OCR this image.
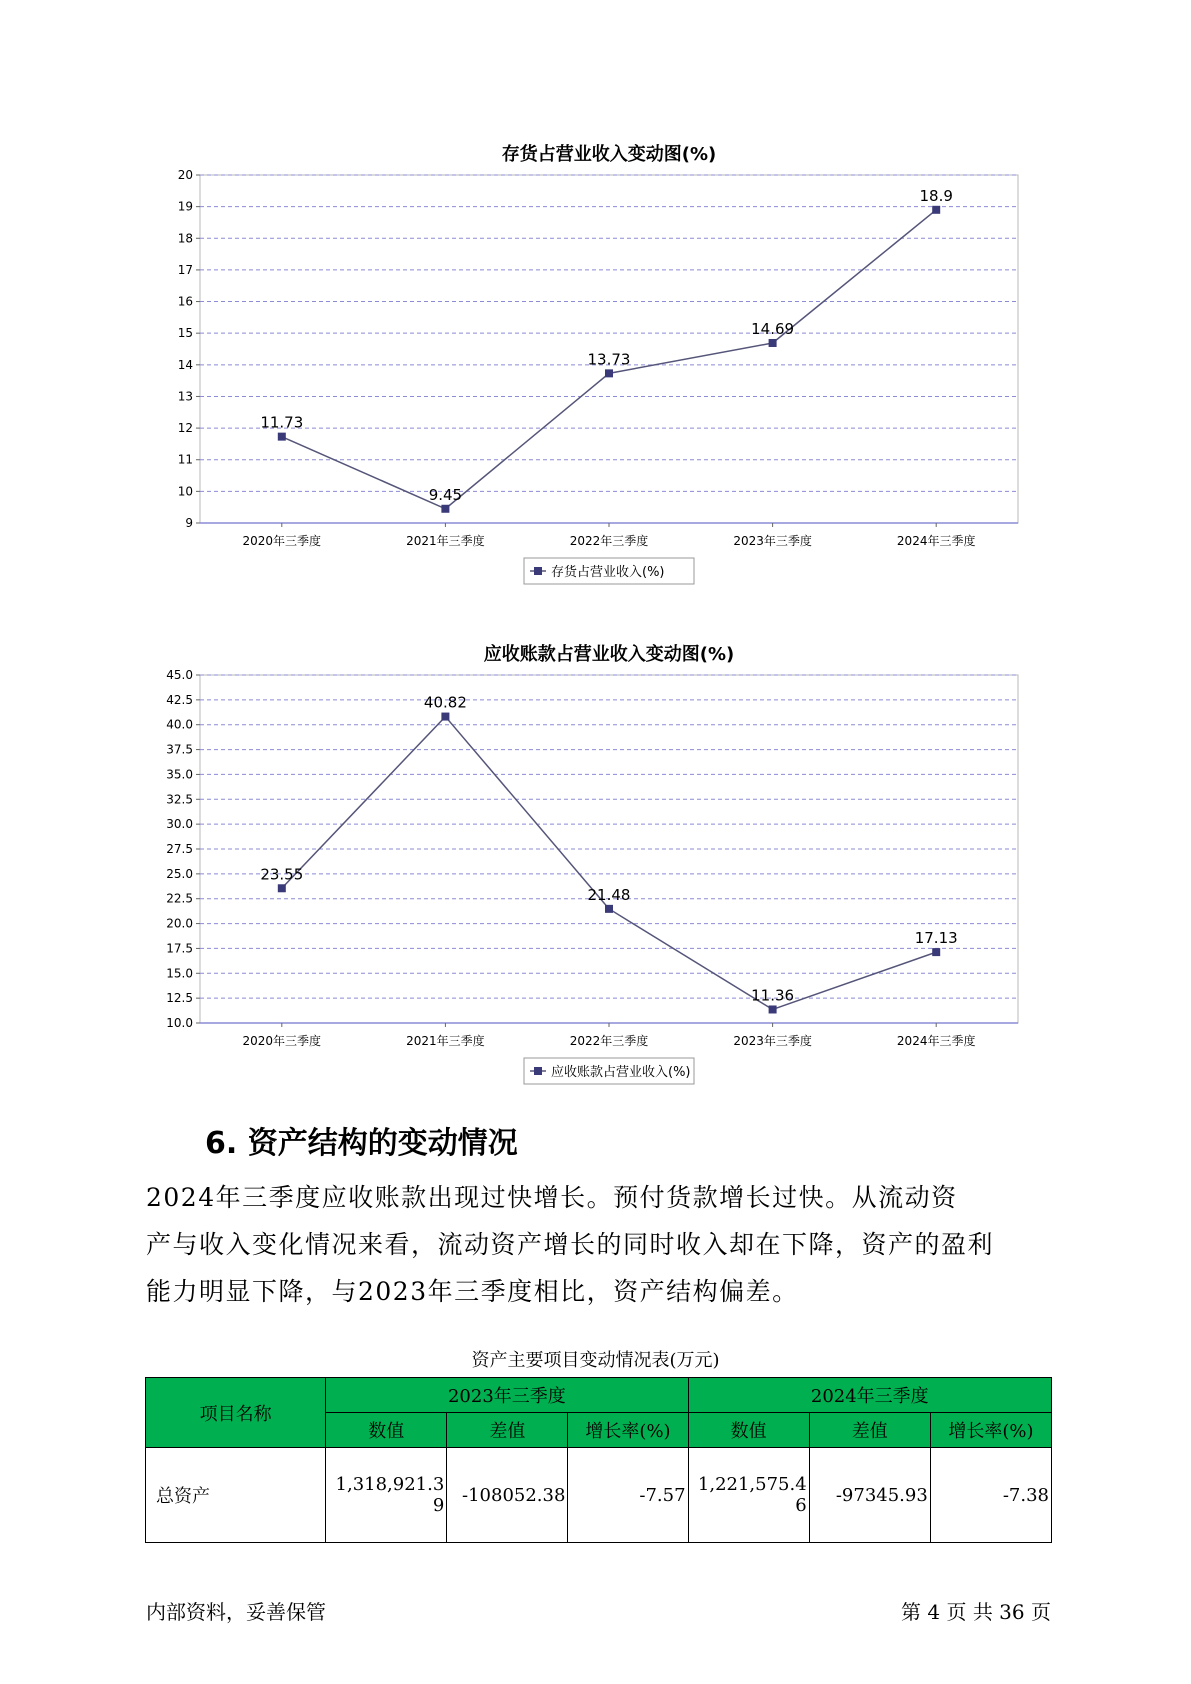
存货占营业收入变动图(%)
9
10
11
12
13
14
15
16
17
18
19
20
2020年三季度	2021年三季度	2022年三季度	2023年三季度	2024年三季度
11.73
9.45
13.73
14.69
18.9
存货占营业收入(%)
应收账款占营业收入变动图(%)
10.0
12.5
15.0
17.5
20.0
22.5
25.0
27.5
30.0
32.5
35.0
37.5
40.0
42.5
45.0
2020年三季度	2021年三季度	2022年三季度	2023年三季度	2024年三季度
23.55
40.82
21.48
11.36
17.13
应收账款占营业收入(%)
6. 资产结构的变动情况

2024年三季度应收账款出现过快增长。预付货款增长过快。从流动资
产与收入变化情况来看，流动资产增长的同时收入却在下降，资产的盈利
能力明显下降，与2023年三季度相比，资产结构偏差。

资产主要项目变动情况表(万元)
项目名称	2023年三季度			2024年三季度		
	数值	差值	增长率(%)	数值	差值	增长率(%)
总资产	1,318,921.39	-108052.38	-7.57	1,221,575.46	-97345.93	-7.38
内部资料，妥善保管	第 4 页 共 36 页
